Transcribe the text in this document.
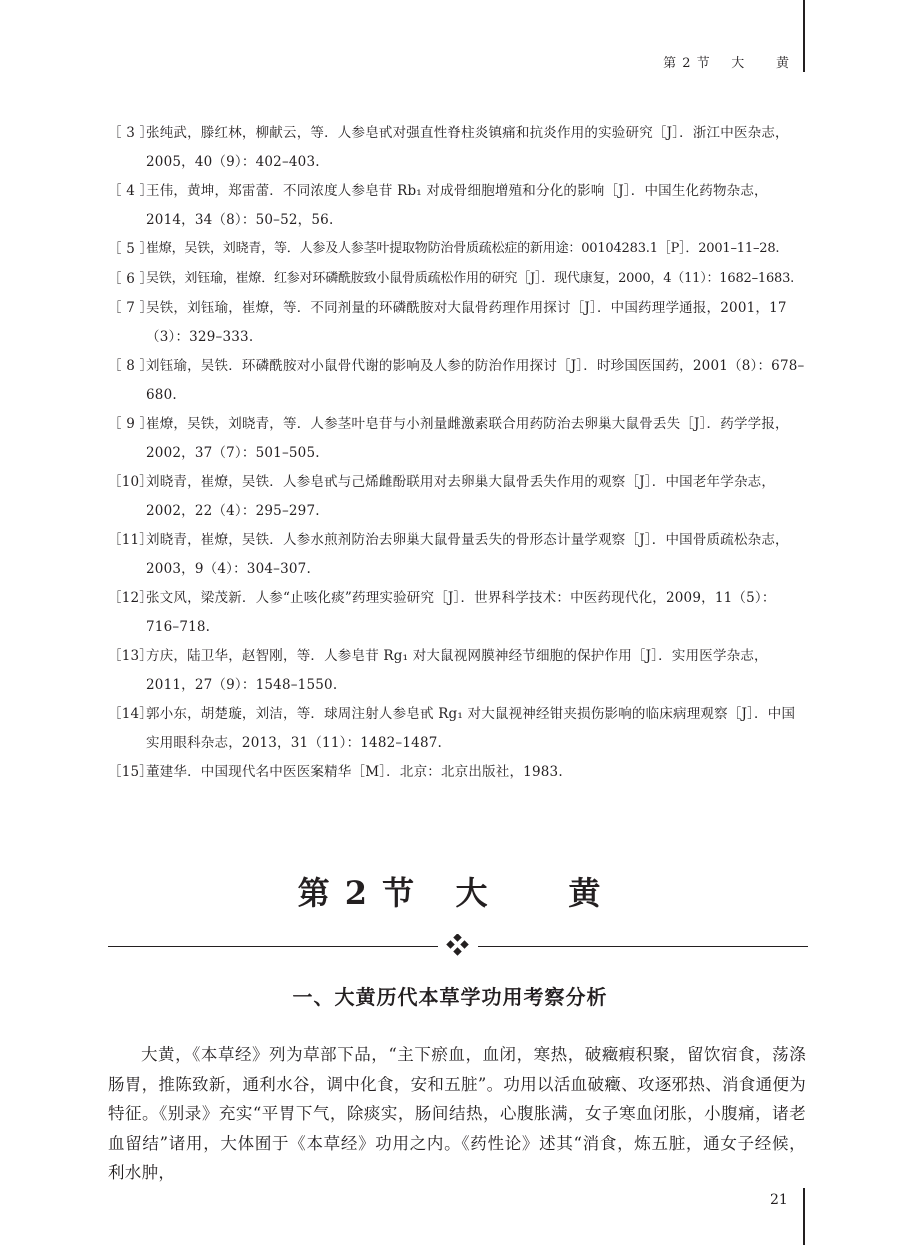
第 2 节    大      黄
［ 3 ］
张纯武，滕红林，柳献云，等．人参皂甙对强直性脊柱炎镇痛和抗炎作用的实验研究［J］．浙江中医杂志，2005，40（9）：402–403.
［ 4 ］
王伟，黄坤，郑雷蕾．不同浓度人参皂苷 Rb₁ 对成骨细胞增殖和分化的影响［J］．中国生化药物杂志，2014，34（8）：50–52，56.
［ 5 ］
崔燎，吴铁，刘晓青，等．人参及人参茎叶提取物防治骨质疏松症的新用途：00104283.1［P］．2001–11–28.
［ 6 ］
吴铁，刘钰瑜，崔燎．红参对环磷酰胺致小鼠骨质疏松作用的研究［J］．现代康复，2000，4（11）：1682–1683.
［ 7 ］
吴铁，刘钰瑜，崔燎，等．不同剂量的环磷酰胺对大鼠骨药理作用探讨［J］．中国药理学通报，2001，17（3）：329–333.
［ 8 ］
刘钰瑜，吴铁．环磷酰胺对小鼠骨代谢的影响及人参的防治作用探讨［J］．时珍国医国药，2001（8）：678–680.
［ 9 ］
崔燎，吴铁，刘晓青，等．人参茎叶皂苷与小剂量雌激素联合用药防治去卵巢大鼠骨丢失［J］．药学学报，2002，37（7）：501–505.
［10］
刘晓青，崔燎，吴铁．人参皂甙与己烯雌酚联用对去卵巢大鼠骨丢失作用的观察［J］．中国老年学杂志，2002，22（4）：295–297.
［11］
刘晓青，崔燎，吴铁．人参水煎剂防治去卵巢大鼠骨量丢失的骨形态计量学观察［J］．中国骨质疏松杂志，2003，9（4）：304–307.
［12］
张文风，梁茂新．人参“止咳化痰”药理实验研究［J］．世界科学技术：中医药现代化，2009，11（5）：716–718.
［13］
方庆，陆卫华，赵智刚，等．人参皂苷 Rg₁ 对大鼠视网膜神经节细胞的保护作用［J］．实用医学杂志，2011，27（9）：1548–1550.
［14］
郭小东，胡楚璇，刘洁，等．球周注射人参皂甙 Rg₁ 对大鼠视神经钳夹损伤影响的临床病理观察［J］．中国实用眼科杂志，2013，31（11）：1482–1487.
［15］
董建华．中国现代名中医医案精华［M］．北京：北京出版社，1983.
第 2 节   大      黄
一、大黄历代本草学功用考察分析
大黄，《本草经》列为草部下品，“主下瘀血，血闭，寒热，破癥瘕积聚，留饮宿食，荡涤肠胃，推陈致新，通利水谷，调中化食，安和五脏”。功用以活血破癥、攻逐邪热、消食通便为特征。《别录》充实“平胃下气，除痰实，肠间结热，心腹胀满，女子寒血闭胀，小腹痛，诸老血留结”诸用，大体囿于《本草经》功用之内。《药性论》述其“消食，炼五脏，通女子经候，利水肿，
21
